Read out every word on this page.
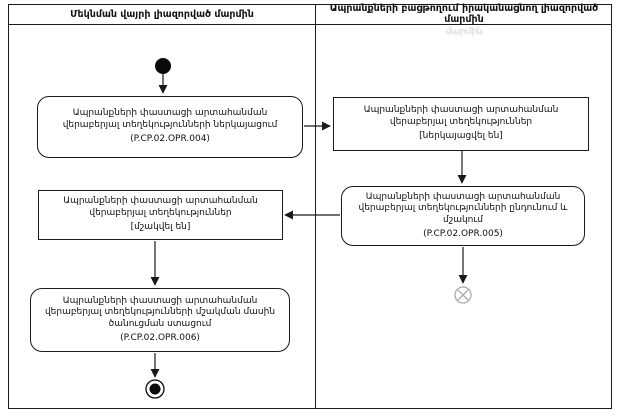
Մեկնման վայրի լիազորված մարմին	Ապրանքների բացթողում իրականացնող լիազորված մարմին
մարմին
Ապրանքների փաստացի արտահանման վերաբերյալ տեղեկությունների ներկայացում
(P.CP.02.OPR.004)
Ապրանքների փաստացի արտահանման վերաբերյալ տեղեկություններ
[ներկայացվել են]
Ապրանքների փաստացի արտահանման վերաբերյալ տեղեկությունների ընդունում և մշակում
(P.CP.02.OPR.005)
Ապրանքների փաստացի արտահանման վերաբերյալ տեղեկություններ
[մշակվել են]
Ապրանքների փաստացի արտահանման վերաբերյալ տեղեկությունների մշակման մասին ծանուցման ստացում
(P.CP.02.OPR.006)
